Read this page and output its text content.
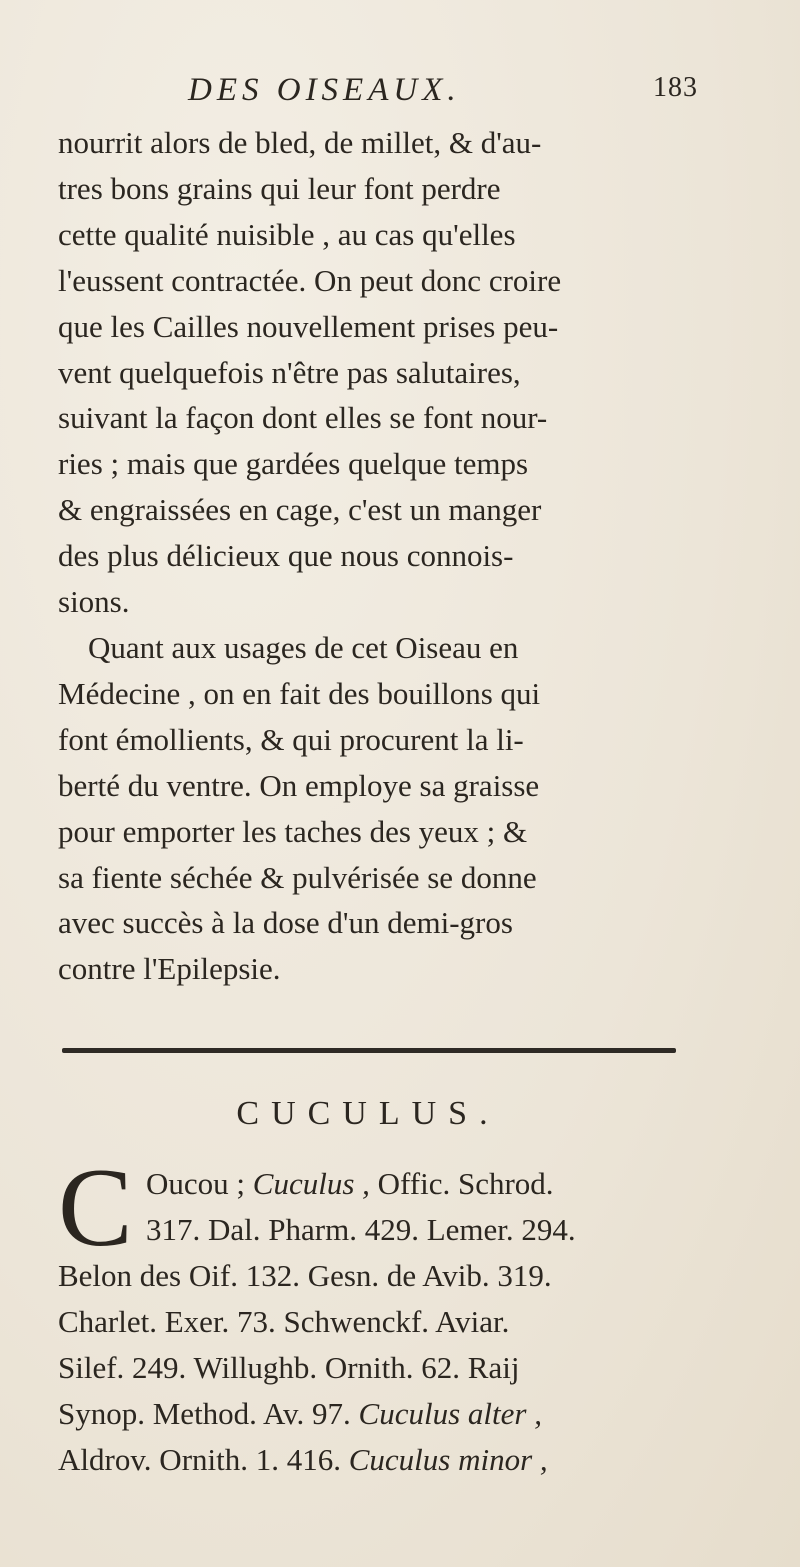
DES OISEAUX.	183

nourrit alors de bled, de millet, & d'au-
tres bons grains qui leur font perdre
cette qualité nuisible , au cas qu'elles
l'eussent contractée. On peut donc croire
que les Cailles nouvellement prises peu-
vent quelquefois n'être pas salutaires,
suivant la façon dont elles se font nour-
ries ; mais que gardées quelque temps
& engraissées en cage, c'est un manger
des plus délicieux que nous connois-
sions.

Quant aux usages de cet Oiseau en
Médecine , on en fait des bouillons qui
font émollients, & qui procurent la li-
berté du ventre. On employe sa graisse
pour emporter les taches des yeux ; &
sa fiente séchée & pulvérisée se donne
avec succès à la dose d'un demi-gros
contre l'Epilepsie.

CUCULUS.
C Oucou ; Cuculus , Offic. Schrod.
317. Dal. Pharm. 429. Lemer. 294.
Belon des Oif. 132. Gesn. de Avib. 319.
Charlet. Exer. 73. Schwenckf. Aviar.
Silef. 249. Willughb. Ornith. 62. Raij
Synop. Method. Av. 97. Cuculus alter ,
Aldrov. Ornith. 1. 416. Cuculus minor ,
